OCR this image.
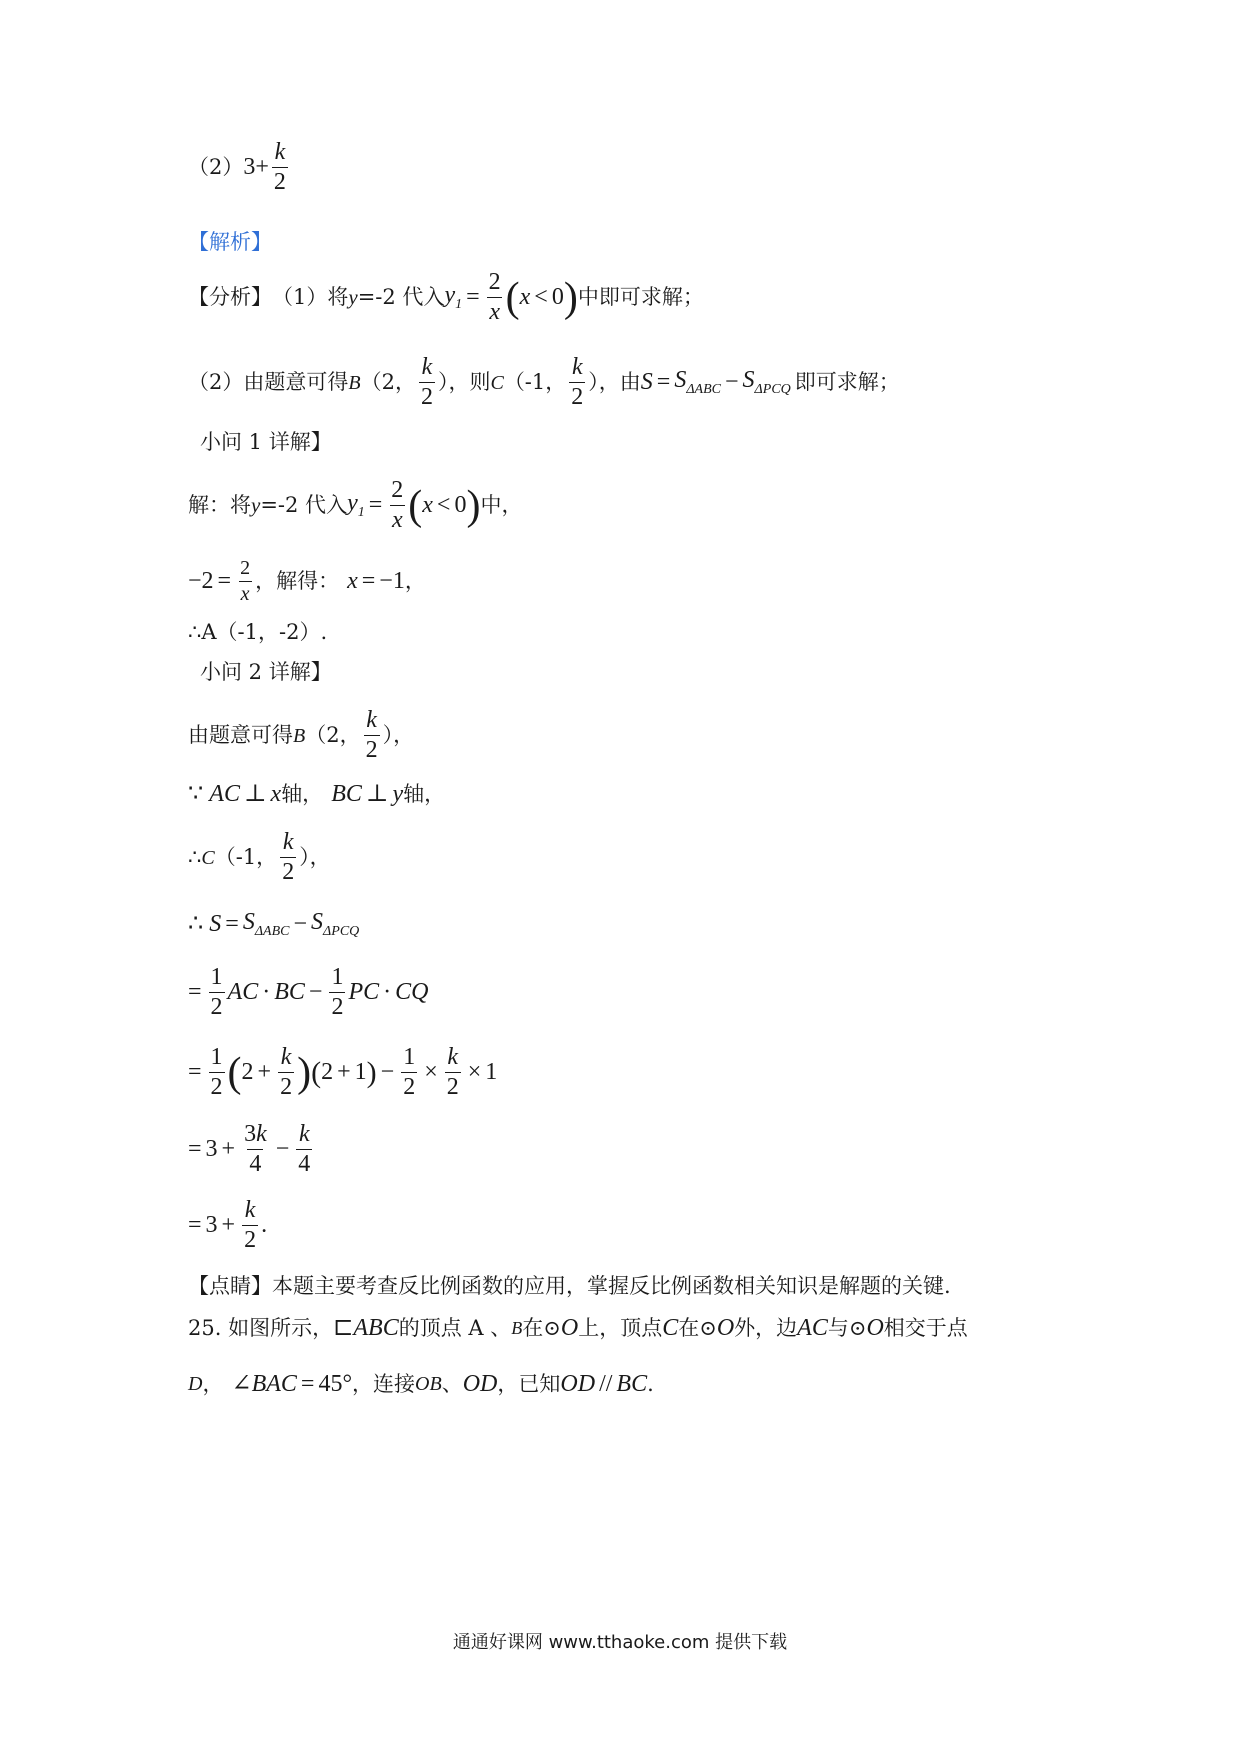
（2） $3+ \frac{k}{2}$
【解析】
【分析】 （1）将 y =-2 代入 $y_1 = \frac{2}{x}$ ( x < 0 ) 中即可求解；
（2）由题意可得 B （2， $\frac{k}{2}$ ），则 C （-1， $\frac{k}{2}$ ），由 $S = S_{\Delta ABC} - S_{\Delta PCQ}$ 即可求解；
小问 1 详解】
解：将 y =-2 代入 $y_1 = \frac{2}{x}$ ( x < 0 ) 中，
$-2 = \frac{2}{x}$ ，解得： x = −1 ，
∴A（-1，-2）.
小问 2 详解】
由题意可得 B （2， $\frac{k}{2}$ ），
∵ AC ⊥ x 轴， BC ⊥ y 轴，
∴ C （-1， $\frac{k}{2}$ ），
∴ $S = S_{\Delta ABC} - S_{\Delta PCQ}$
= $\frac{1}{2}$ AC · BC − $\frac{1}{2}$ PC · CQ
= $\frac{1}{2}$ ( $2 + \frac{k}{2}$ ) ( 2 + 1 ) − $\frac{1}{2} \times \frac{k}{2} \times 1$
= $3 + \frac{3k}{4} - \frac{k}{4}$
= $3 + \frac{k}{2}$ .
【点睛】本题主要考查反比例函数的应用，掌握反比例函数相关知识是解题的关键.
25. 如图所示， ⊏ ABC 的顶点 A 、 B 在⊙ O 上，顶点 C 在⊙ O 外，边 AC 与⊙ O 相交于点
D ， ∠ BAC = 45° ，连接 OB 、 OD ，已知 OD // BC .
通通好课网 www.tthaoke.com 提供下载
